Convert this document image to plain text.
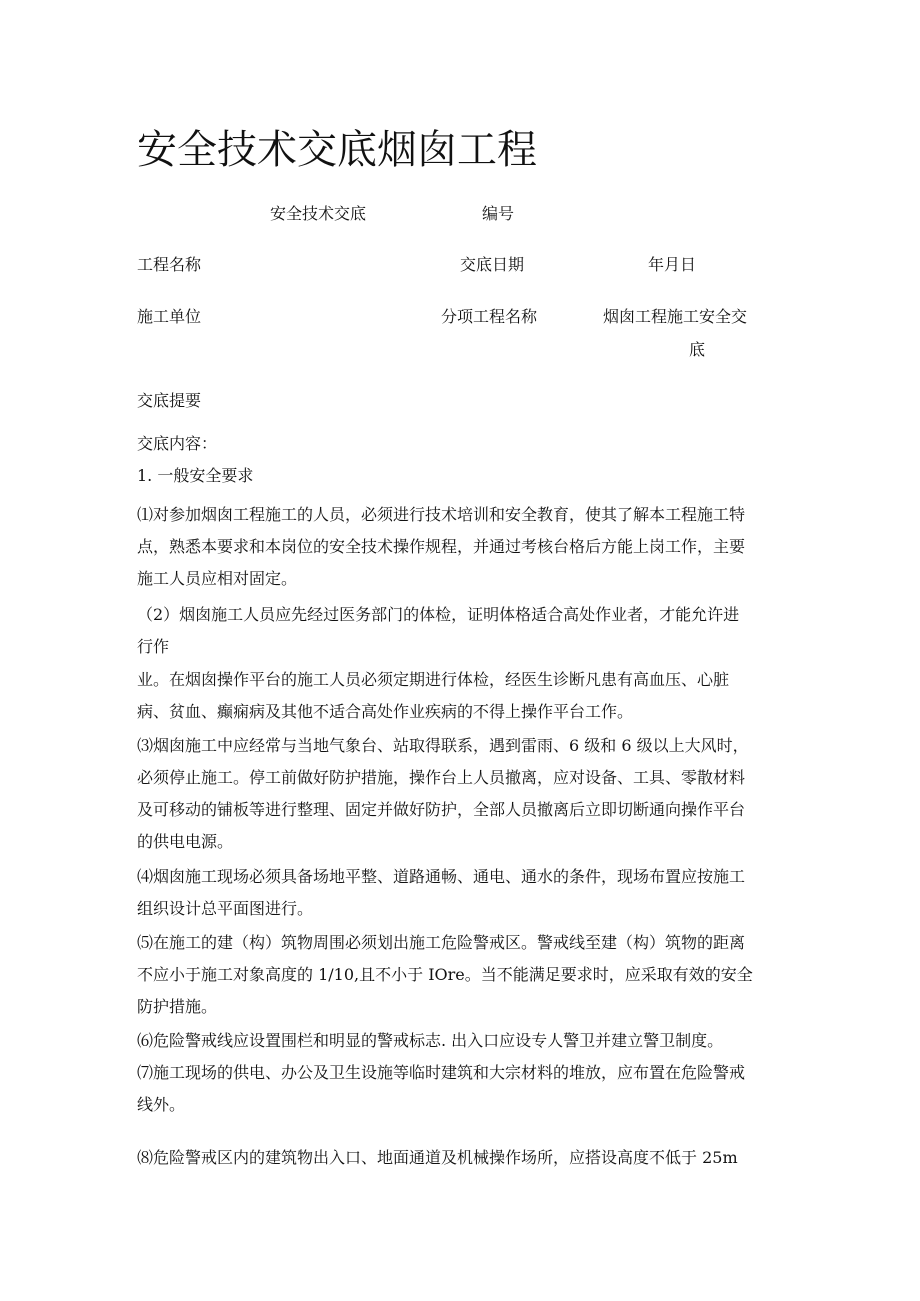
安全技术交底烟囱工程
安全技术交底	编号
工程名称	交底日期	年月日
施工单位	分项工程名称	烟囱工程施工安全交
底
交底提要
交底内容：
1. 一般安全要求
⑴对参加烟囱工程施工的人员，必须进行技术培训和安全教育，使其了解本工程施工特
点，熟悉本要求和本岗位的安全技术操作规程，并通过考核台格后方能上岗工作，主要
施工人员应相对固定。
（2）烟囱施工人员应先经过医务部门的体检，证明体格适合高处作业者，才能允许进
行作
业。在烟囱操作平台的施工人员必须定期进行体检，经医生诊断凡患有高血压、心脏
病、贫血、癫痫病及其他不适合高处作业疾病的不得上操作平台工作。
⑶烟囱施工中应经常与当地气象台、站取得联系，遇到雷雨、6 级和 6 级以上大风时，
必须停止施工。停工前做好防护措施，操作台上人员撤离，应对设备、工具、零散材料
及可移动的铺板等进行整理、固定并做好防护，全部人员撤离后立即切断通向操作平台
的供电电源。
⑷烟囱施工现场必须具备场地平整、道路通畅、通电、通水的条件，现场布置应按施工
组织设计总平面图进行。
⑸在施工的建（构）筑物周围必须划出施工危险警戒区。警戒线至建（构）筑物的距离
不应小于施工对象高度的 1/10,且不小于 IOre。当不能满足要求时，应采取有效的安全
防护措施。
⑹危险警戒线应设置围栏和明显的警戒标志. 出入口应设专人警卫并建立警卫制度。
⑺施工现场的供电、办公及卫生设施等临时建筑和大宗材料的堆放，应布置在危险警戒
线外。
⑻危险警戒区内的建筑物出入口、地面通道及机械操作场所，应搭设高度不低于 25m
